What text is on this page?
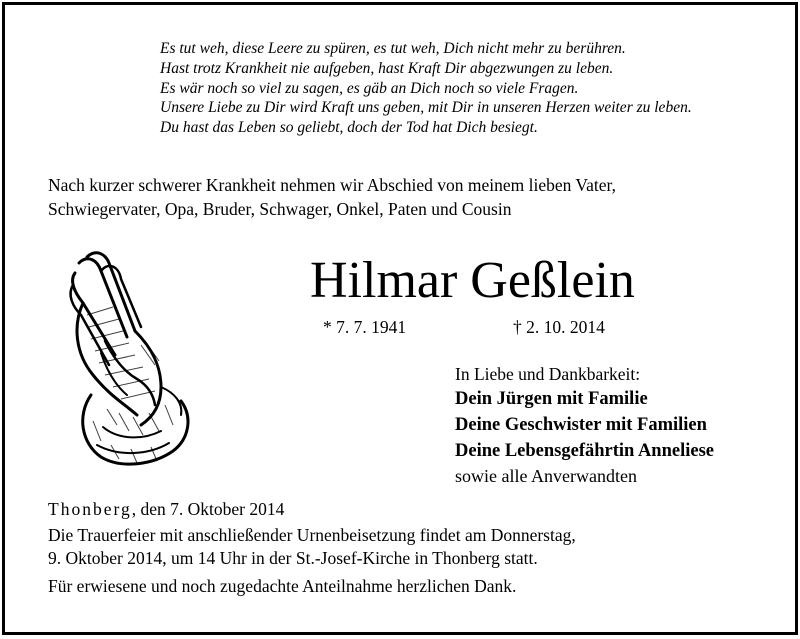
Es tut weh, diese Leere zu spüren, es tut weh, Dich nicht mehr zu berühren.
Hast trotz Krankheit nie aufgeben, hast Kraft Dir abgezwungen zu leben.
Es wär noch so viel zu sagen, es gäb an Dich noch so viele Fragen.
Unsere Liebe zu Dir wird Kraft uns geben, mit Dir in unseren Herzen weiter zu leben.
Du hast das Leben so geliebt, doch der Tod hat Dich besiegt.
Nach kurzer schwerer Krankheit nehmen wir Abschied von meinem lieben Vater,
Schwiegervater, Opa, Bruder, Schwager, Onkel, Paten und Cousin
Hilmar Geßlein
* 7. 7. 1941	† 2. 10. 2014
In Liebe und Dankbarkeit:
Dein Jürgen mit Familie
Deine Geschwister mit Familien
Deine Lebensgefährtin Anneliese
sowie alle Anverwandten
Thonberg, den 7. Oktober 2014
Die Trauerfeier mit anschließender Urnenbeisetzung findet am Donnerstag,
9. Oktober 2014, um 14 Uhr in der St.-Josef-Kirche in Thonberg statt.
Für erwiesene und noch zugedachte Anteilnahme herzlichen Dank.
